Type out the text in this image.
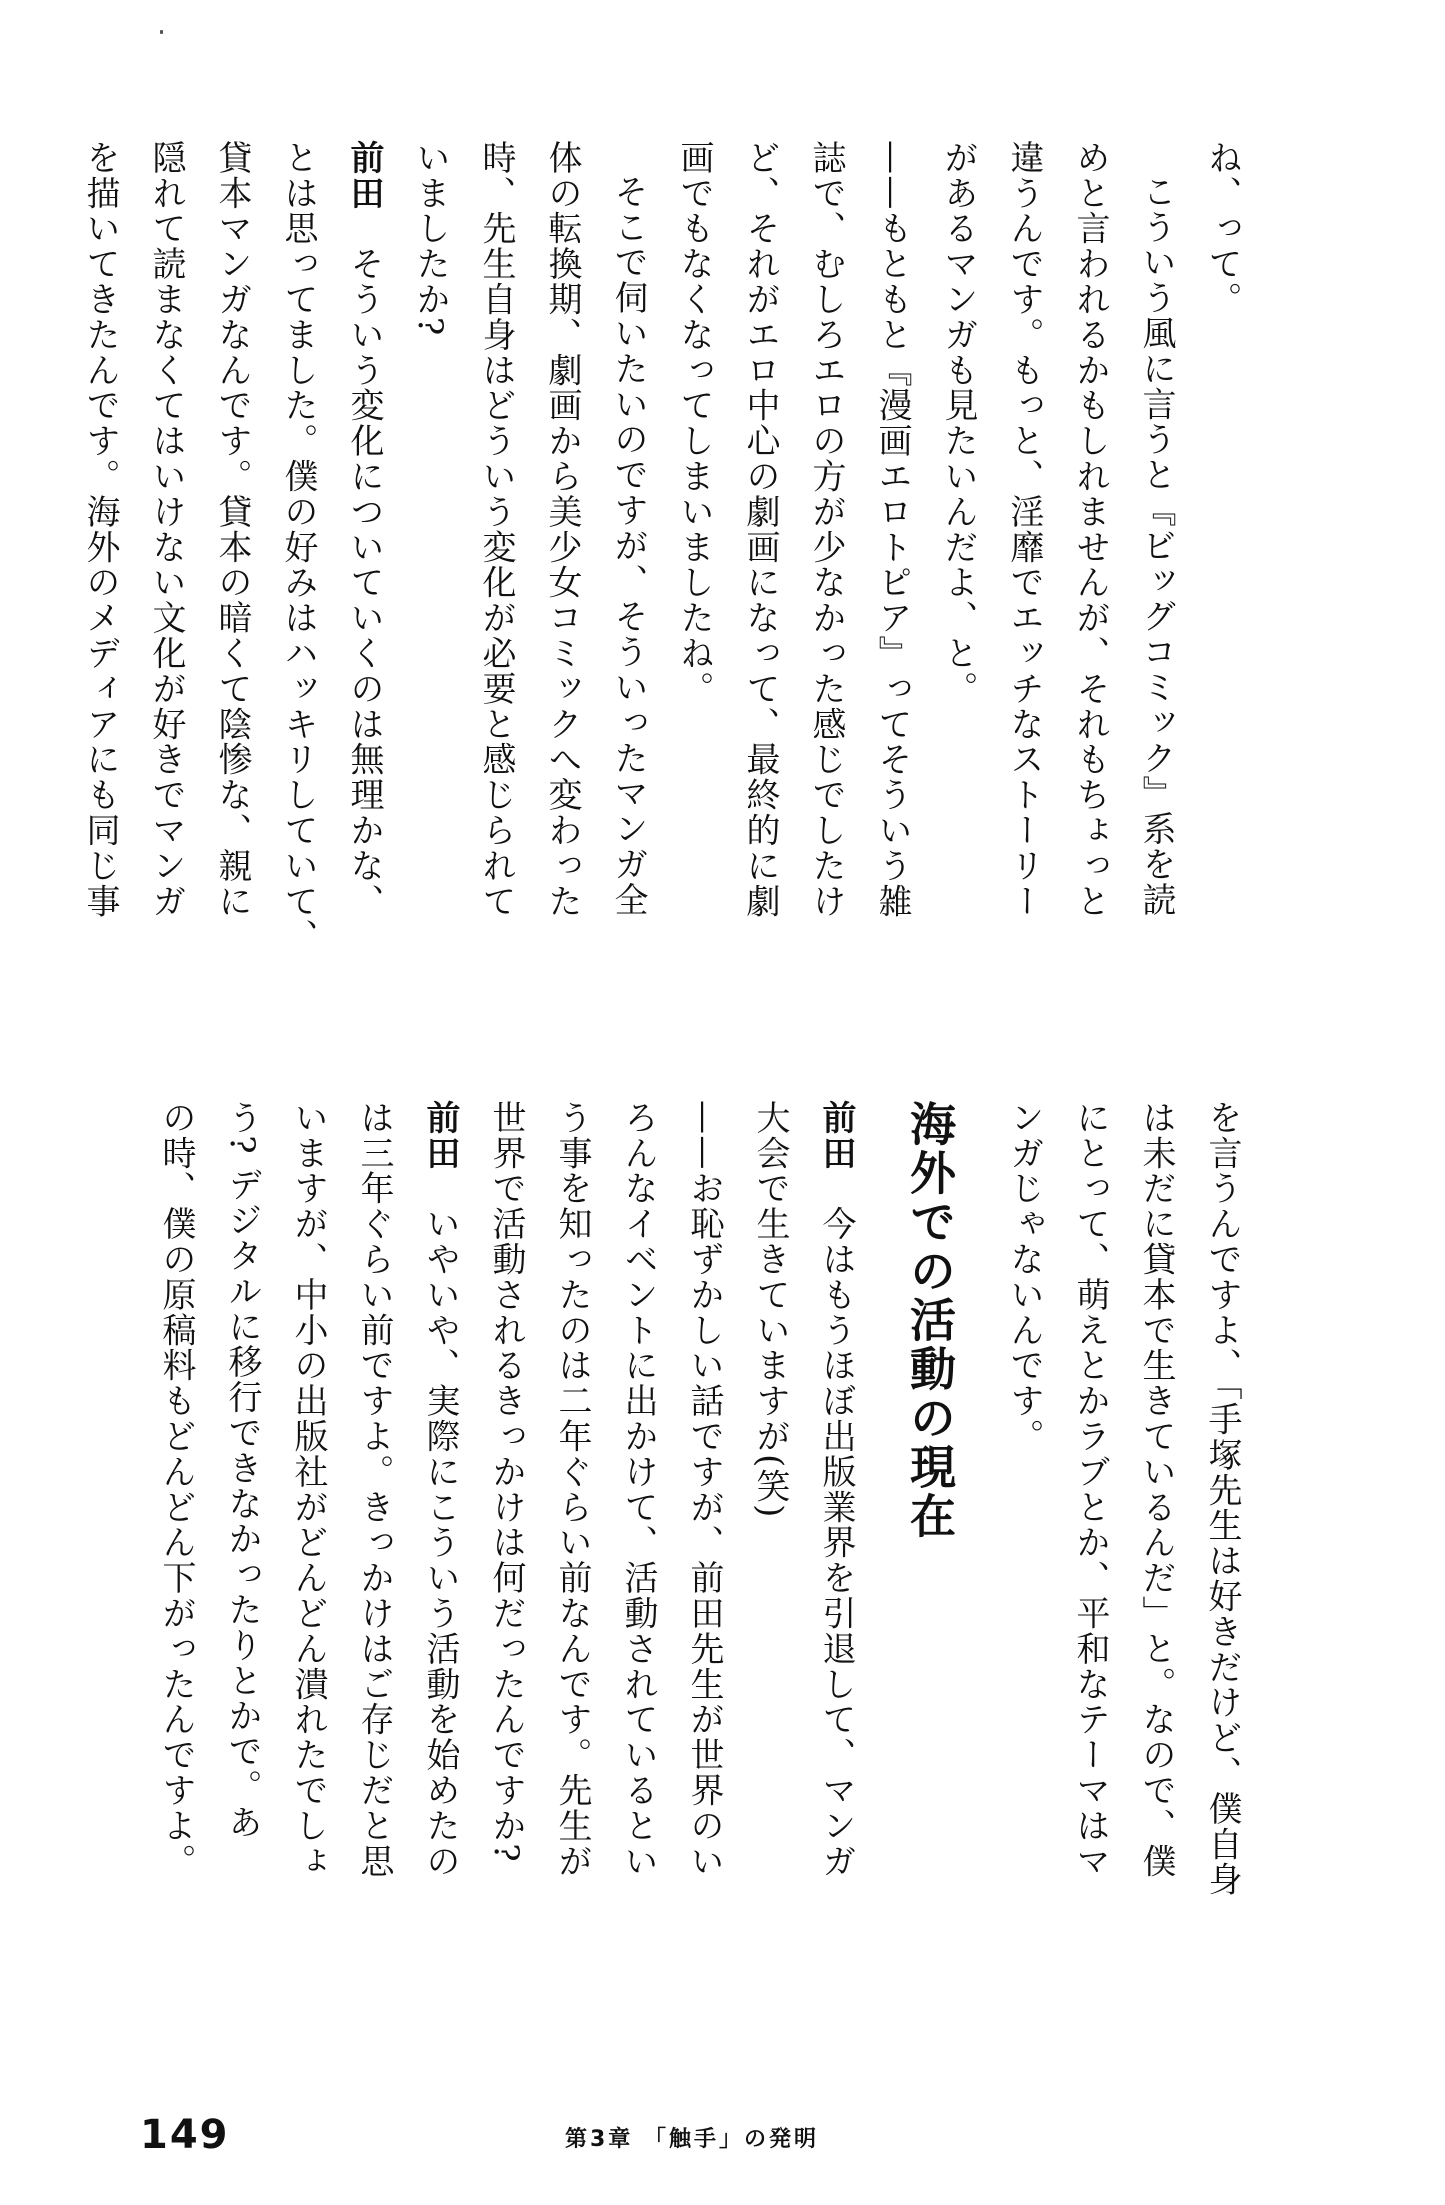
ね、って。
こういう風に言うと『ビッグコミック』系を読
めと言われるかもしれませんが、それもちょっと
違うんです。もっと、淫靡でエッチなストーリー
があるマンガも見たいんだよ、と。
——もともと『漫画エロトピア』ってそういう雑
誌で、むしろエロの方が少なかった感じでしたけ
ど、それがエロ中心の劇画になって、最終的に劇
画でもなくなってしまいましたね。
そこで伺いたいのですが、そういったマンガ全
体の転換期、劇画から美少女コミックへ変わった
時、先生自身はどういう変化が必要と感じられて
いましたか?
前田　そういう変化についていくのは無理かな、
とは思ってました。僕の好みはハッキリしていて、
貸本マンガなんです。貸本の暗くて陰惨な、親に
隠れて読まなくてはいけない文化が好きでマンガ
を描いてきたんです。海外のメディアにも同じ事
を言うんですよ、「手塚先生は好きだけど、僕自身
は未だに貸本で生きているんだ」と。なので、僕
にとって、萌えとかラブとか、平和なテーマはマ
ンガじゃないんです。
海外での活動の現在
前田　今はもうほぼ出版業界を引退して、マンガ
大会で生きていますが(笑)
——お恥ずかしい話ですが、前田先生が世界のい
ろんなイベントに出かけて、活動されているとい
う事を知ったのは二年ぐらい前なんです。先生が
世界で活動されるきっかけは何だったんですか?
前田　いやいや、実際にこういう活動を始めたの
は三年ぐらい前ですよ。きっかけはご存じだと思
いますが、中小の出版社がどんどん潰れたでしょ
う? デジタルに移行できなかったりとかで。あ
の時、僕の原稿料もどんどん下がったんですよ。
149	第3章 「触手」の発明
